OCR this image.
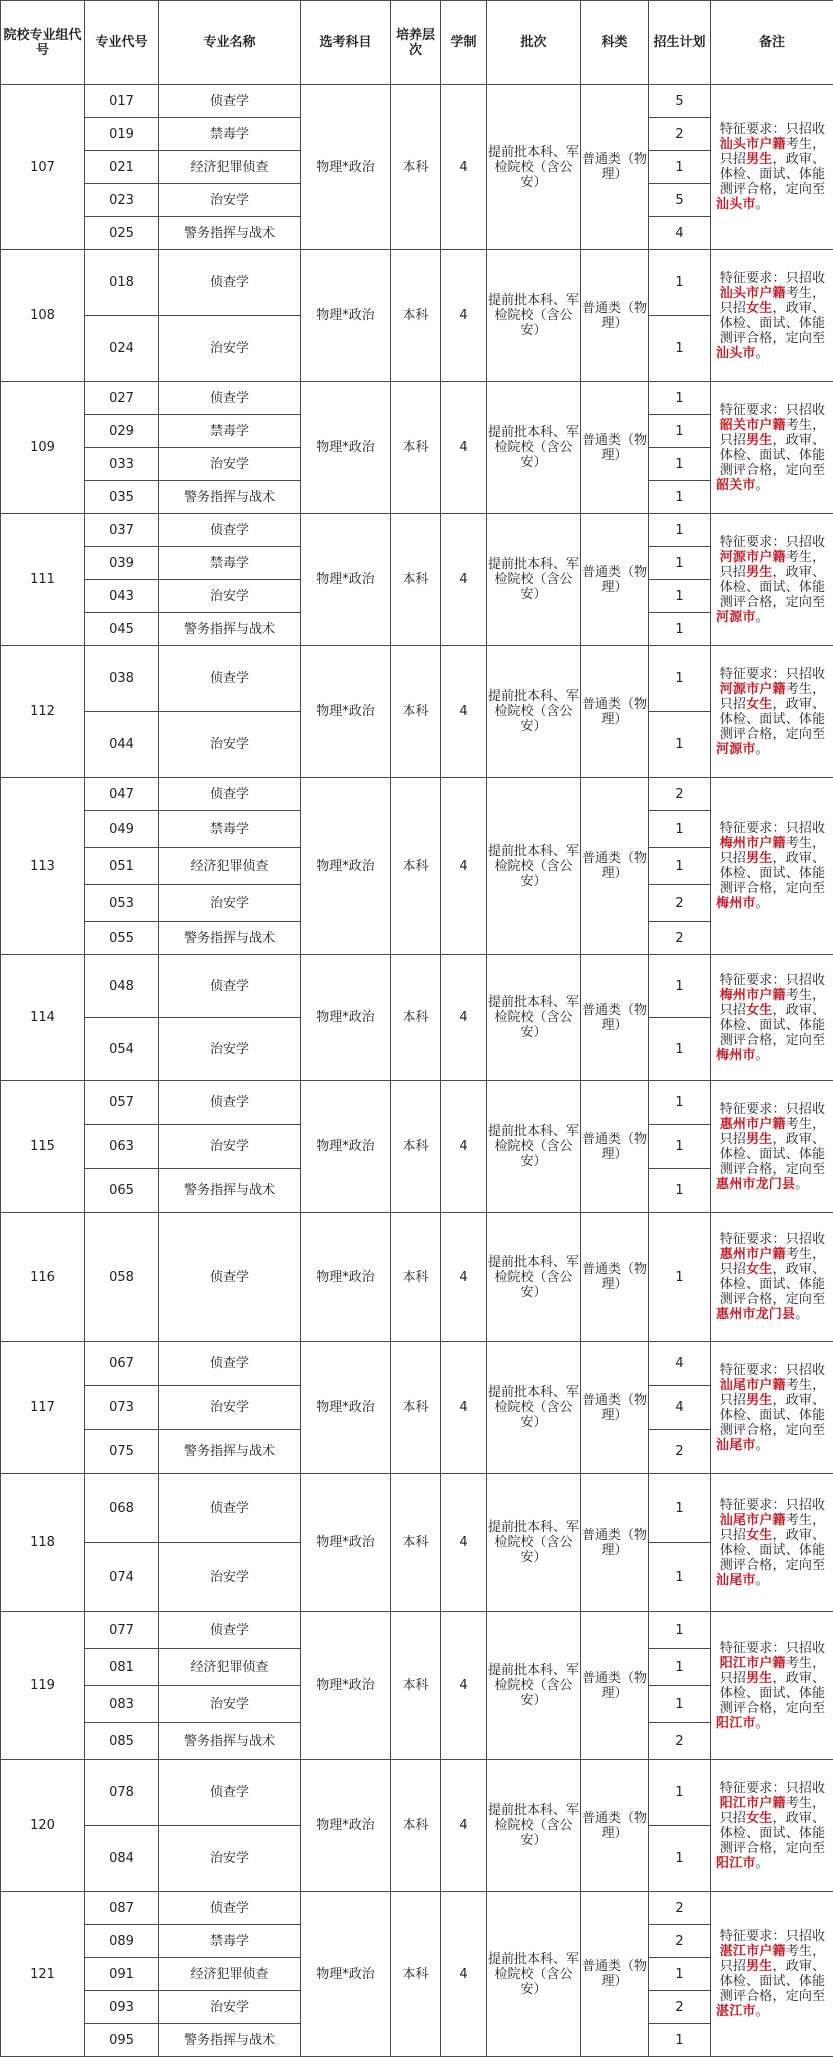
院校专业组代号	专业代号	专业名称	选考科目	培养层次	学制	批次	科类	招生计划	备注
107	017	侦查学	物理*政治	本科	4	提前批本科、军检院校（含公安）	普通类（物理）	5	特征要求：只招收汕头市户籍考生，只招男生，政审、体检、面试、体能测评合格，定向至汕头市。
	019	禁毒学						2	
	021	经济犯罪侦查						1	
	023	治安学						5	
	025	警务指挥与战术						4	
108	018	侦查学	物理*政治	本科	4	提前批本科、军检院校（含公安）	普通类（物理）	1	特征要求：只招收汕头市户籍考生，只招女生，政审、体检、面试、体能测评合格，定向至汕头市。
	024	治安学						1	
109	027	侦查学	物理*政治	本科	4	提前批本科、军检院校（含公安）	普通类（物理）	1	特征要求：只招收韶关市户籍考生，只招男生，政审、体检、面试、体能测评合格，定向至韶关市。
	029	禁毒学						1	
	033	治安学						1	
	035	警务指挥与战术						1	
111	037	侦查学	物理*政治	本科	4	提前批本科、军检院校（含公安）	普通类（物理）	1	特征要求：只招收河源市户籍考生，只招男生，政审、体检、面试、体能测评合格，定向至河源市。
	039	禁毒学						1	
	043	治安学						1	
	045	警务指挥与战术						1	
112	038	侦查学	物理*政治	本科	4	提前批本科、军检院校（含公安）	普通类（物理）	1	特征要求：只招收河源市户籍考生，只招女生，政审、体检、面试、体能测评合格，定向至河源市。
	044	治安学						1	
113	047	侦查学	物理*政治	本科	4	提前批本科、军检院校（含公安）	普通类（物理）	2	特征要求：只招收梅州市户籍考生，只招男生，政审、体检、面试、体能测评合格，定向至梅州市。
	049	禁毒学						1	
	051	经济犯罪侦查						1	
	053	治安学						2	
	055	警务指挥与战术						2	
114	048	侦查学	物理*政治	本科	4	提前批本科、军检院校（含公安）	普通类（物理）	1	特征要求：只招收梅州市户籍考生，只招女生，政审、体检、面试、体能测评合格，定向至梅州市。
	054	治安学						1	
115	057	侦查学	物理*政治	本科	4	提前批本科、军检院校（含公安）	普通类（物理）	1	特征要求：只招收惠州市户籍考生，只招男生，政审、体检、面试、体能测评合格，定向至惠州市龙门县。
	063	治安学						1	
	065	警务指挥与战术						1	
116	058	侦查学	物理*政治	本科	4	提前批本科、军检院校（含公安）	普通类（物理）	1	特征要求：只招收惠州市户籍考生，只招女生，政审、体检、面试、体能测评合格，定向至惠州市龙门县。
117	067	侦查学	物理*政治	本科	4	提前批本科、军检院校（含公安）	普通类（物理）	4	特征要求：只招收汕尾市户籍考生，只招男生，政审、体检、面试、体能测评合格，定向至汕尾市。
	073	治安学						4	
	075	警务指挥与战术						2	
118	068	侦查学	物理*政治	本科	4	提前批本科、军检院校（含公安）	普通类（物理）	1	特征要求：只招收汕尾市户籍考生，只招女生，政审、体检、面试、体能测评合格，定向至汕尾市。
	074	治安学						1	
119	077	侦查学	物理*政治	本科	4	提前批本科、军检院校（含公安）	普通类（物理）	1	特征要求：只招收阳江市户籍考生，只招男生，政审、体检、面试、体能测评合格，定向至阳江市。
	081	经济犯罪侦查						1	
	083	治安学						1	
	085	警务指挥与战术						2	
120	078	侦查学	物理*政治	本科	4	提前批本科、军检院校（含公安）	普通类（物理）	1	特征要求：只招收阳江市户籍考生，只招女生，政审、体检、面试、体能测评合格，定向至阳江市。
	084	治安学						1	
121	087	侦查学	物理*政治	本科	4	提前批本科、军检院校（含公安）	普通类（物理）	2	特征要求：只招收湛江市户籍考生，只招男生，政审、体检、面试、体能测评合格，定向至湛江市。
	089	禁毒学						2	
	091	经济犯罪侦查						1	
	093	治安学						2	
	095	警务指挥与战术						1	
